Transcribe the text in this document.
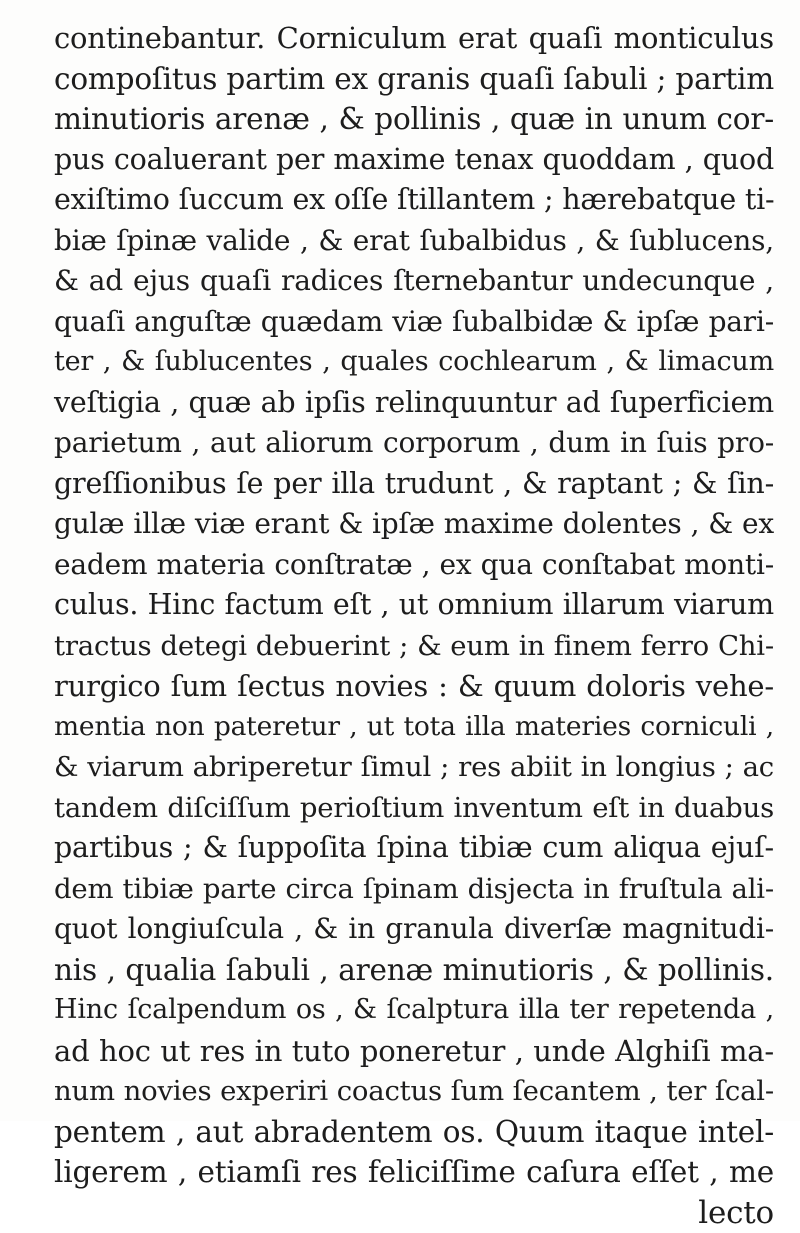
continebantur. Corniculum erat quaſi monticulus
compoſitus partim ex granis quaſi ſabuli ; partim
minutioris arenæ , & pollinis , quæ in unum cor-
pus coaluerant per maxime tenax quoddam , quod
exiſtimo ſuccum ex oſſe ſtillantem ; hærebatque ti-
biæ ſpinæ valide , & erat ſubalbidus , & ſublucens,
& ad ejus quaſi radices ſternebantur undecunque ,
quaſi anguſtæ quædam viæ ſubalbidæ & ipſæ pari-
ter , & ſublucentes , quales cochlearum , & limacum
veſtigia , quæ ab ipſis relinquuntur ad ſuperficiem
parietum , aut aliorum corporum , dum in ſuis pro-
greſſionibus ſe per illa trudunt , & raptant ; & ſin-
gulæ illæ viæ erant & ipſæ maxime dolentes , & ex
eadem materia conſtratæ , ex qua conſtabat monti-
culus. Hinc factum eſt , ut omnium illarum viarum
tractus detegi debuerint ; & eum in finem ferro Chi-
rurgico ſum ſectus novies : & quum doloris vehe-
mentia non pateretur , ut tota illa materies corniculi ,
& viarum abriperetur ſimul ; res abiit in longius ; ac
tandem diſciſſum perioſtium inventum eſt in duabus
partibus ; & ſuppoſita ſpina tibiæ cum aliqua ejuſ-
dem tibiæ parte circa ſpinam disjecta in fruſtula ali-
quot longiuſcula , & in granula diverſæ magnitudi-
nis , qualia ſabuli , arenæ minutioris , & pollinis.
Hinc ſcalpendum os , & ſcalptura illa ter repetenda ,
ad hoc ut res in tuto poneretur , unde Alghiſi ma-
num novies experiri coactus ſum ſecantem , ter ſcal-
pentem , aut abradentem os. Quum itaque intel-
ligerem , etiamſi res feliciſſime caſura eſſet , me
lecto
